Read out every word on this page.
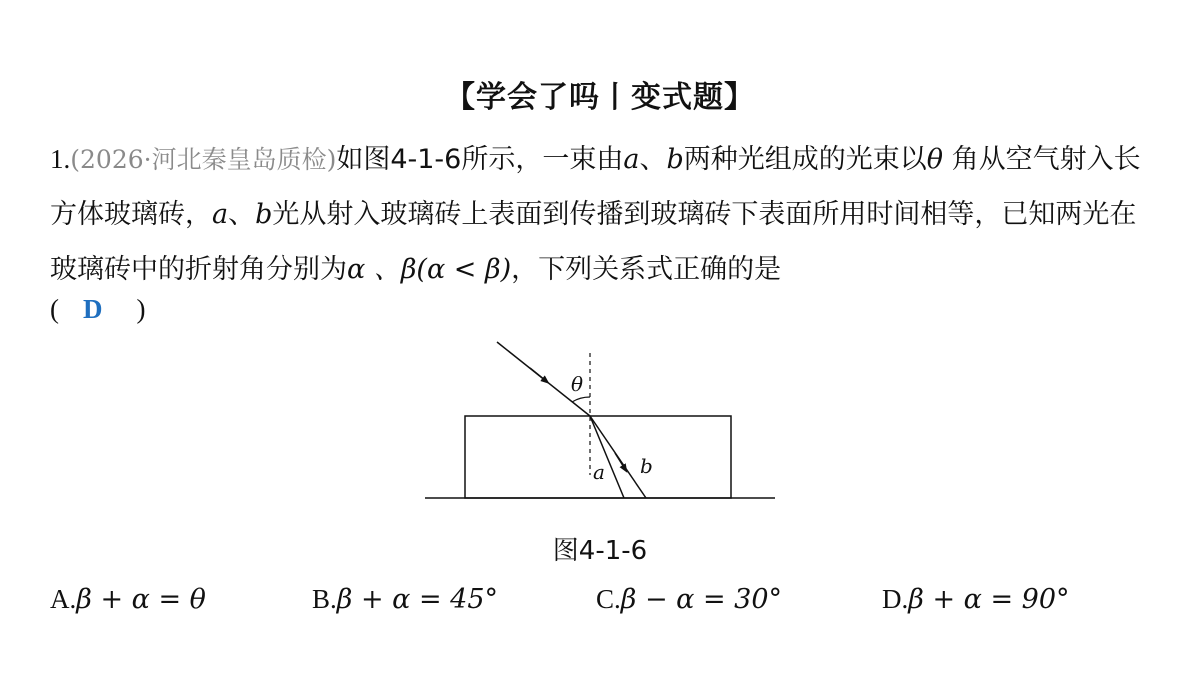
【学会了吗丨变式题】
1.(2026·河北秦皇岛质检)如图4-1-6所示，一束由a、b两种光组成的光束以θ 角从空气射入长方体玻璃砖，a、b光从射入玻璃砖上表面到传播到玻璃砖下表面所用时间相等，已知两光在玻璃砖中的折射角分别为α 、β(α < β)，下列关系式正确的是
( D )
θ
a b
图4-1-6
A.β + α = θ	B.β + α = 45°	C.β − α = 30°	D.β + α = 90°
